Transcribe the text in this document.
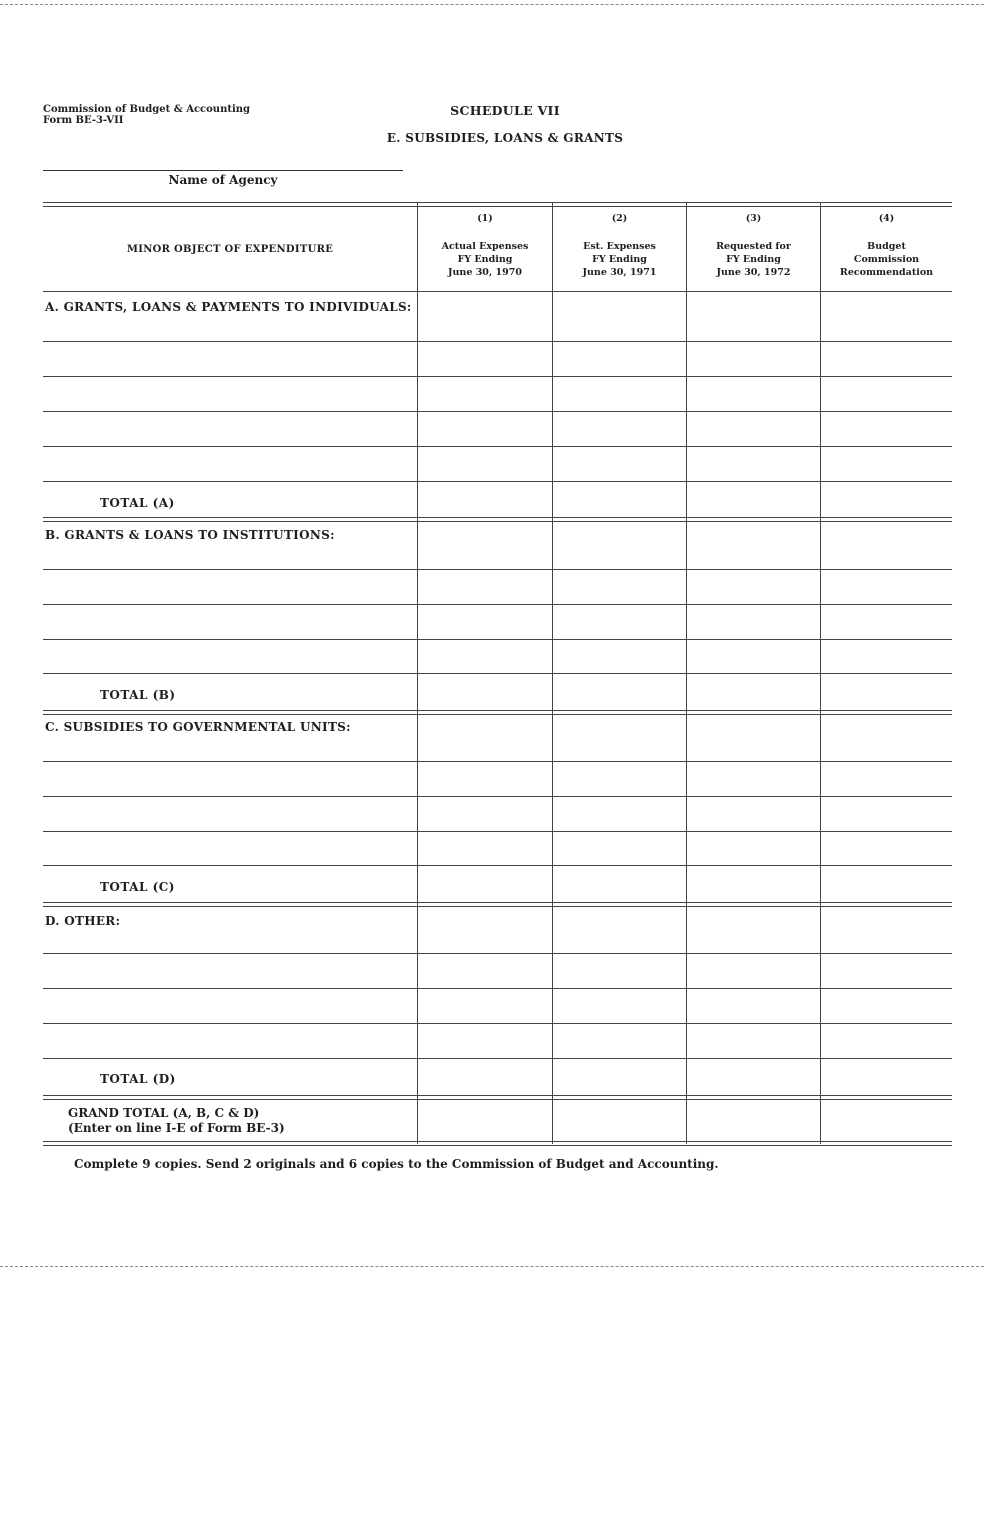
Commission of Budget & Accounting
Form BE-3-VII
SCHEDULE VII
E. SUBSIDIES, LOANS & GRANTS
Name of Agency
MINOR OBJECT OF EXPENDITURE
(1)
Actual Expenses
FY Ending
June 30, 1970
(2)
Est. Expenses
FY Ending
June 30, 1971
(3)
Requested for
FY Ending
June 30, 1972
(4)
Budget
Commission
Recommendation
A. GRANTS, LOANS & PAYMENTS TO INDIVIDUALS:
TOTAL (A)
B. GRANTS & LOANS TO INSTITUTIONS:
TOTAL (B)
C. SUBSIDIES TO GOVERNMENTAL UNITS:
TOTAL (C)
D. OTHER:
TOTAL (D)
GRAND TOTAL (A, B, C & D)
(Enter on line I-E of Form BE-3)
Complete 9 copies. Send 2 originals and 6 copies to the Commission of Budget and Accounting.
